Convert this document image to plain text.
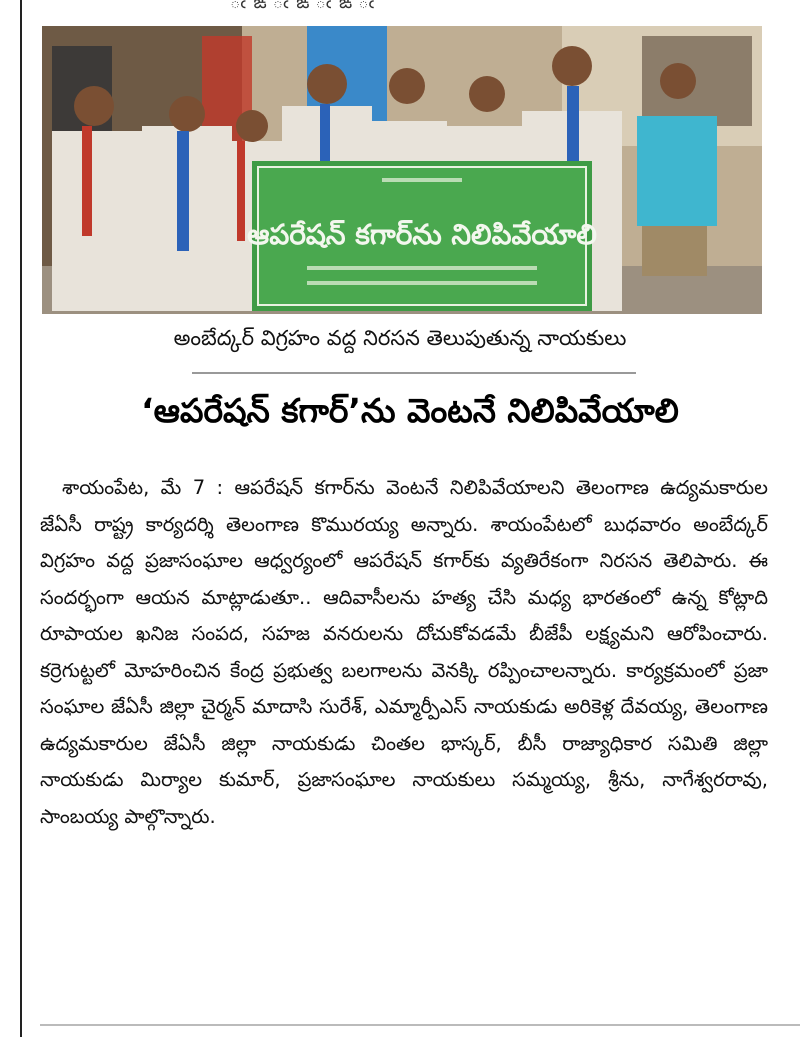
ఁ ఙ ఁ ఙ ఁ ఙ ఁ
ఆపరేషన్ కగార్‌ను నిలిపివేయాలి
అంబేద్కర్ విగ్రహం వద్ద నిరసన తెలుపుతున్న నాయకులు
‘ఆపరేషన్ కగార్’ను వెంటనే నిలిపివేయాలి
శాయంపేట, మే 7 : ఆపరేషన్ కగార్‌ను వెంటనే నిలిపివేయాలని తెలంగాణ ఉద్యమకారుల జేఏసీ రాష్ట్ర కార్యదర్శి తెలంగాణ కొమురయ్య అన్నారు. శాయంపేటలో బుధవారం అంబేద్కర్ విగ్రహం వద్ద ప్రజాసంఘాల ఆధ్వర్యంలో ఆపరేషన్ కగార్‌కు వ్యతిరేకంగా నిరసన తెలిపారు. ఈ సందర్భంగా ఆయన మాట్లాడుతూ.. ఆదివాసీలను హత్య చేసి మధ్య భారతంలో ఉన్న కోట్లాది రూపాయల ఖనిజ సంపద, సహజ వనరులను దోచుకోవడమే బీజేపీ లక్ష్యమని ఆరోపించారు. కర్రెగుట్టలో మోహరించిన కేంద్ర ప్రభుత్వ బలగాలను వెనక్కి రప్పించాలన్నారు. కార్యక్రమంలో ప్రజా సంఘాల జేఏసీ జిల్లా చైర్మన్ మాదాసి సురేశ్, ఎమ్మార్పీఎస్ నాయకుడు అరికెళ్ల దేవయ్య, తెలంగాణ ఉద్యమకారుల జేఏసీ జిల్లా నాయకుడు చింతల భాస్కర్, బీసీ రాజ్యాధికార సమితి జిల్లా నాయకుడు మిర్యాల కుమార్, ప్రజాసంఘాల నాయకులు సమ్మయ్య, శ్రీను, నాగేశ్వరరావు, సాంబయ్య పాల్గొన్నారు.
